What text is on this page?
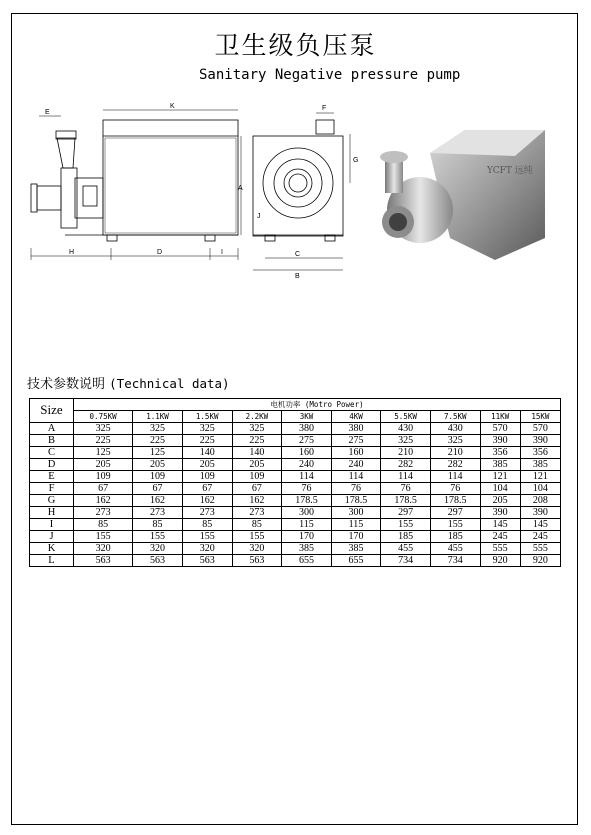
卫生级负压泵
Sanitary Negative pressure pump
K
E
H	D	I
F
G
A
J
C
B
YCFT 远纯
技术参数说明 (Technical data)
Size	电机功率 (Motro Power)									
	0.75KW	1.1KW	1.5KW	2.2KW	3KW	4KW	5.5KW	7.5KW	11KW	15KW
A	325	325	325	325	380	380	430	430	570	570
B	225	225	225	225	275	275	325	325	390	390
C	125	125	140	140	160	160	210	210	356	356
D	205	205	205	205	240	240	282	282	385	385
E	109	109	109	109	114	114	114	114	121	121
F	67	67	67	67	76	76	76	76	104	104
G	162	162	162	162	178.5	178.5	178.5	178.5	205	208
H	273	273	273	273	300	300	297	297	390	390
I	85	85	85	85	115	115	155	155	145	145
J	155	155	155	155	170	170	185	185	245	245
K	320	320	320	320	385	385	455	455	555	555
L	563	563	563	563	655	655	734	734	920	920
